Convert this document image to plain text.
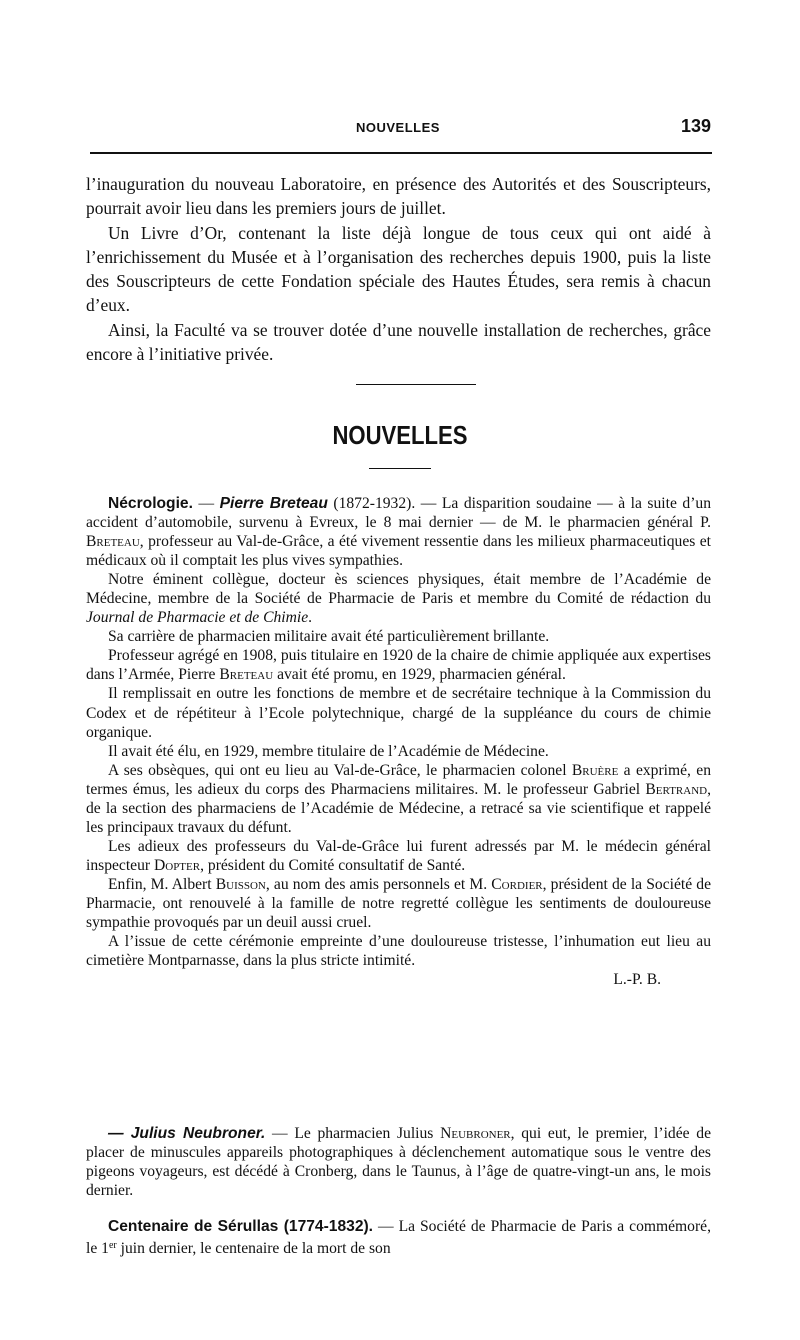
NOUVELLES	139

l’inauguration du nouveau Laboratoire, en présence des Autorités et des Souscripteurs, pourrait avoir lieu dans les premiers jours de juillet.

Un Livre d’Or, contenant la liste déjà longue de tous ceux qui ont aidé à l’enrichissement du Musée et à l’organisation des recherches depuis 1900, puis la liste des Souscripteurs de cette Fondation spéciale des Hautes Études, sera remis à chacun d’eux.

Ainsi, la Faculté va se trouver dotée d’une nouvelle installation de recherches, grâce encore à l’initiative privée.

NOUVELLES

Nécrologie. — Pierre Breteau (1872-1932). — La disparition soudaine — à la suite d’un accident d’automobile, survenu à Evreux, le 8 mai dernier — de M. le pharmacien général P. Breteau, professeur au Val-de-Grâce, a été vivement ressentie dans les milieux pharmaceutiques et médicaux où il comptait les plus vives sympathies.

Notre éminent collègue, docteur ès sciences physiques, était membre de l’Académie de Médecine, membre de la Société de Pharmacie de Paris et membre du Comité de rédaction du Journal de Pharmacie et de Chimie.

Sa carrière de pharmacien militaire avait été particulièrement brillante.

Professeur agrégé en 1908, puis titulaire en 1920 de la chaire de chimie appliquée aux expertises dans l’Armée, Pierre Breteau avait été promu, en 1929, pharmacien général.

Il remplissait en outre les fonctions de membre et de secrétaire technique à la Commission du Codex et de répétiteur à l’Ecole polytechnique, chargé de la suppléance du cours de chimie organique.

Il avait été élu, en 1929, membre titulaire de l’Académie de Médecine.

A ses obsèques, qui ont eu lieu au Val-de-Grâce, le pharmacien colonel Bruère a exprimé, en termes émus, les adieux du corps des Pharmaciens militaires. M. le professeur Gabriel Bertrand, de la section des pharmaciens de l’Académie de Médecine, a retracé sa vie scientifique et rappelé les principaux travaux du défunt.

Les adieux des professeurs du Val-de-Grâce lui furent adressés par M. le médecin général inspecteur Dopter, président du Comité consultatif de Santé.

Enfin, M. Albert Buisson, au nom des amis personnels et M. Cordier, président de la Société de Pharmacie, ont renouvelé à la famille de notre regretté collègue les sentiments de douloureuse sympathie provoqués par un deuil aussi cruel.

A l’issue de cette cérémonie empreinte d’une douloureuse tristesse, l’inhumation eut lieu au cimetière Montparnasse, dans la plus stricte intimité.

L.-P. B.

— Julius Neubroner. — Le pharmacien Julius Neubroner, qui eut, le premier, l’idée de placer de minuscules appareils photographiques à déclenchement automatique sous le ventre des pigeons voyageurs, est décédé à Cronberg, dans le Taunus, à l’âge de quatre-vingt-un ans, le mois dernier.

Centenaire de Sérullas (1774-1832). — La Société de Pharmacie de Paris a commémoré, le 1er juin dernier, le centenaire de la mort de son
